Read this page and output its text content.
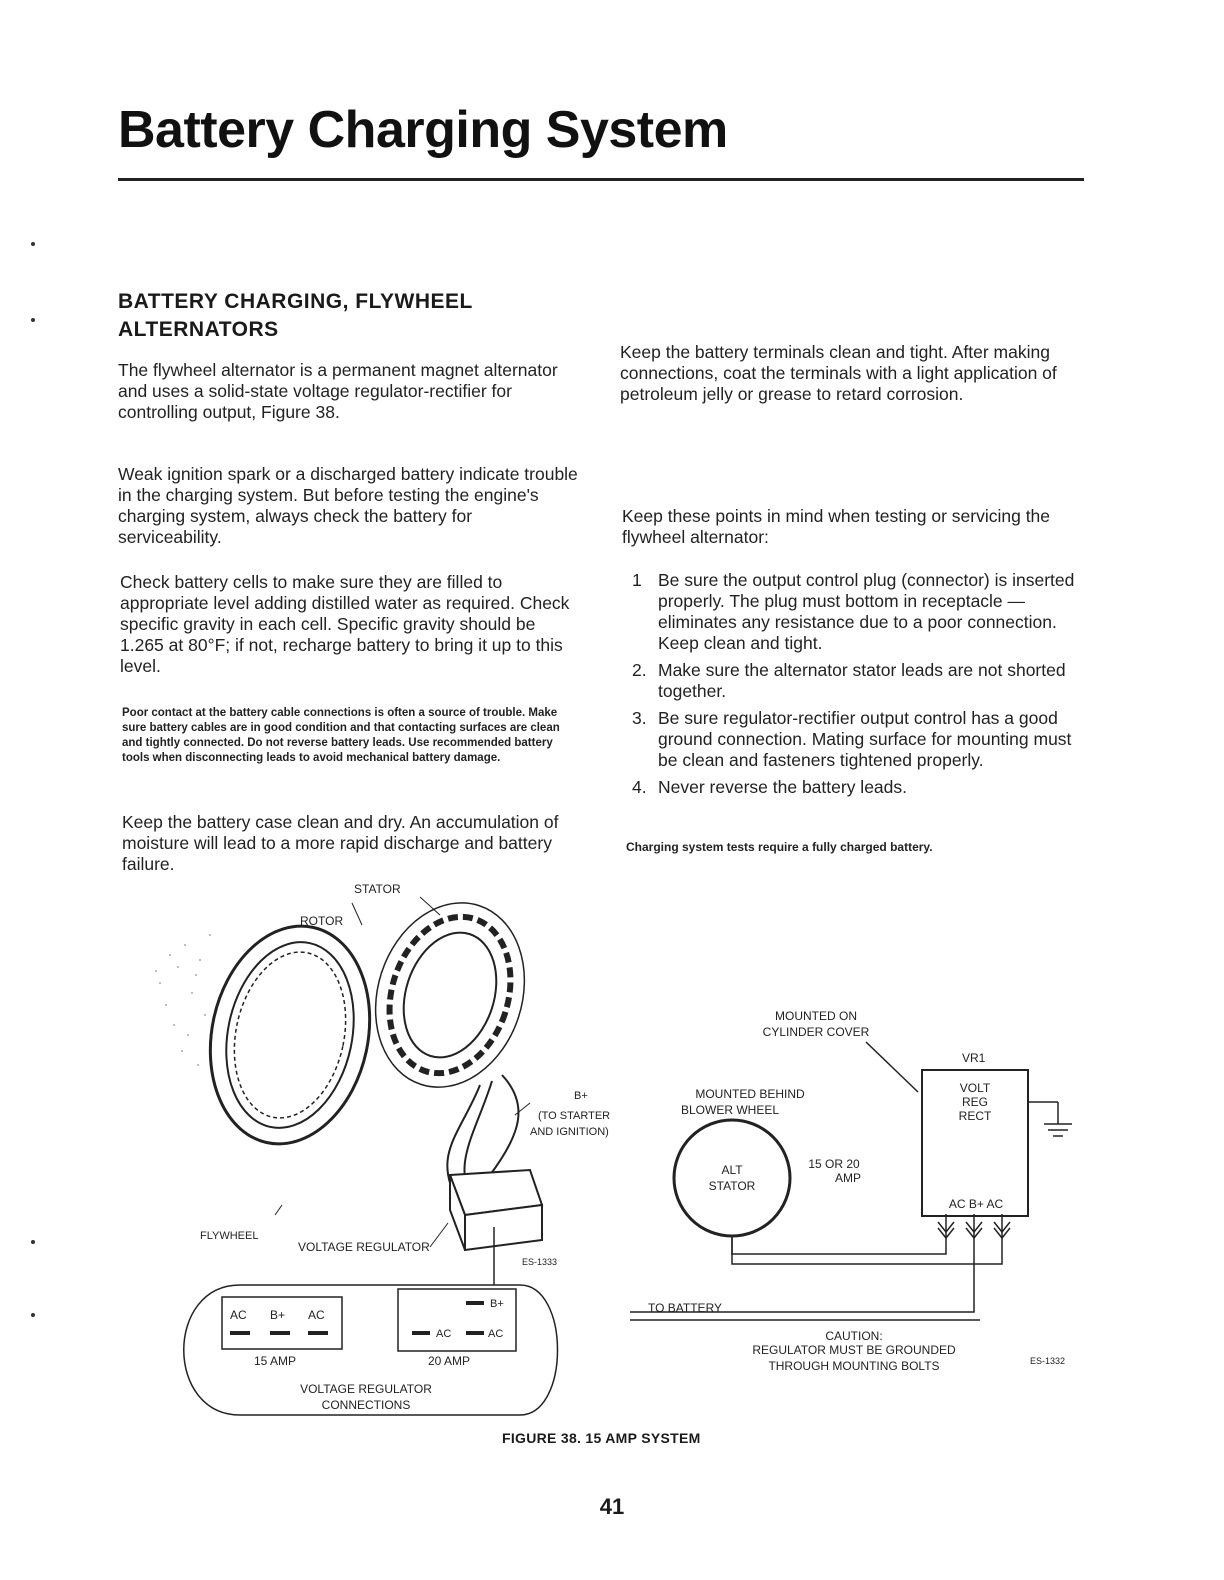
Battery Charging System
BATTERY CHARGING, FLYWHEEL ALTERNATORS
The flywheel alternator is a permanent magnet alternator and uses a solid-state voltage regulator-rectifier for controlling output, Figure 38.
Weak ignition spark or a discharged battery indicate trouble in the charging system. But before testing the engine's charging system, always check the battery for serviceability.
Check battery cells to make sure they are filled to appropriate level adding distilled water as required. Check specific gravity in each cell. Specific gravity should be 1.265 at 80°F; if not, recharge battery to bring it up to this level.
Poor contact at the battery cable connections is often a source of trouble. Make sure battery cables are in good condition and that contacting surfaces are clean and tightly connected. Do not reverse battery leads. Use recommended battery tools when disconnecting leads to avoid mechanical battery damage.
Keep the battery case clean and dry. An accumulation of moisture will lead to a more rapid discharge and battery failure.
Keep the battery terminals clean and tight. After making connections, coat the terminals with a light application of petroleum jelly or grease to retard corrosion.
Keep these points in mind when testing or servicing the flywheel alternator:
1 Be sure the output control plug (connector) is inserted properly. The plug must bottom in receptacle — eliminates any resistance due to a poor connection. Keep clean and tight.
2. Make sure the alternator stator leads are not shorted together.
3. Be sure regulator-rectifier output control has a good ground connection. Mating surface for mounting must be clean and fasteners tightened properly.
4. Never reverse the battery leads.
Charging system tests require a fully charged battery.
STATOR
ROTOR
B+
(TO STARTER
AND IGNITION)
FLYWHEEL
VOLTAGE REGULATOR
ES-1333
AC B+ AC
15 AMP
B+
AC	AC
20 AMP
VOLTAGE REGULATOR
CONNECTIONS
MOUNTED ON
CYLINDER COVER
VR1
VOLT
REG
RECT
AC B+ AC
MOUNTED BEHIND
BLOWER WHEEL
ALT
STATOR
15 OR 20
AMP
TO BATTERY
CAUTION:
REGULATOR MUST BE GROUNDED
THROUGH MOUNTING BOLTS	ES-1332
FIGURE 38. 15 AMP SYSTEM
41
